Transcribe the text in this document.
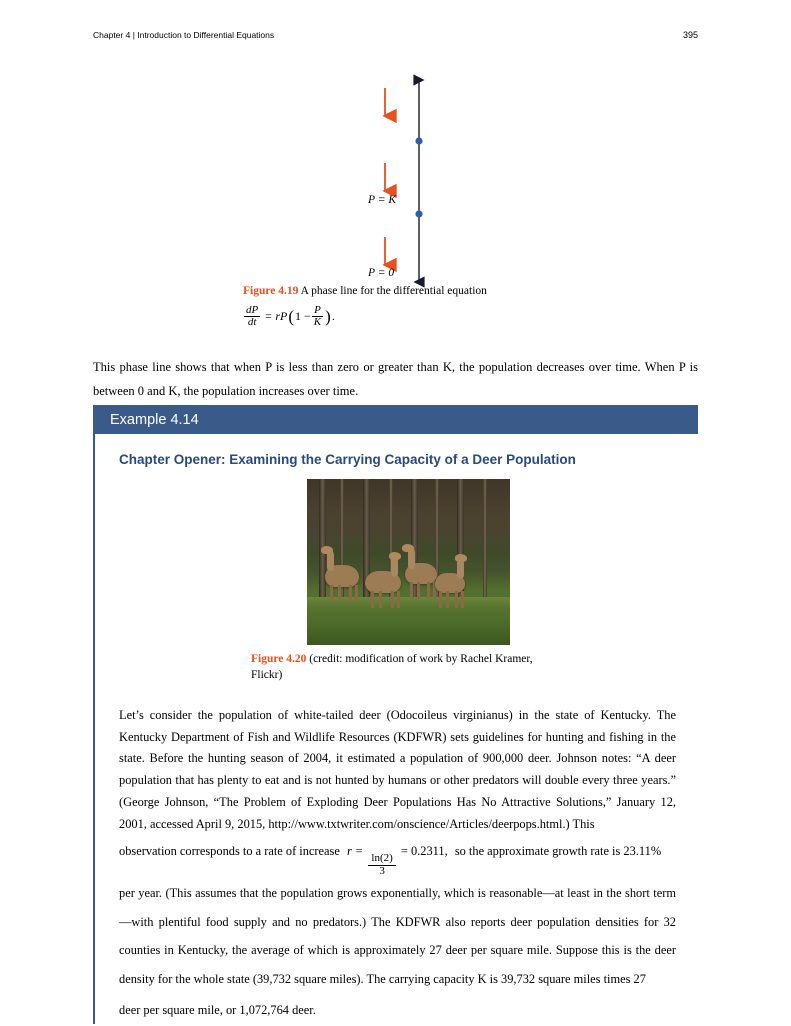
Chapter 4 | Introduction to Differential Equations	395
P = K
P = 0
Figure 4.19 A phase line for the differential equation
$\frac{dP}{dt}$ = rP ( $1 - \frac{P}{K}$ ) .
This phase line shows that when P is less than zero or greater than K, the population decreases over time. When P is between 0 and K, the population increases over time.
Example 4.14
Chapter Opener: Examining the Carrying Capacity of a Deer Population
Figure 4.20 (credit: modification of work by Rachel Kramer, Flickr)

Let’s consider the population of white-tailed deer (Odocoileus virginianus) in the state of Kentucky. The Kentucky Department of Fish and Wildlife Resources (KDFWR) sets guidelines for hunting and fishing in the state. Before the hunting season of 2004, it estimated a population of 900,000 deer. Johnson notes: “A deer population that has plenty to eat and is not hunted by humans or other predators will double every three years.” (George Johnson, “The Problem of Exploding Deer Populations Has No Attractive Solutions,” January 12, 2001, accessed April 9, 2015, http://www.txtwriter.com/onscience/Articles/deerpops.html.) This

observation corresponds to a rate of increase r =
$\frac{\ln(2)}{3}$
= 0.2311, so the approximate growth rate is 23.11%

per year. (This assumes that the population grows exponentially, which is reasonable—at least in the short term—with plentiful food supply and no predators.) The KDFWR also reports deer population densities for 32 counties in Kentucky, the average of which is approximately 27 deer per square mile. Suppose this is the deer density for the whole state (39,732 square miles). The carrying capacity K is 39,732 square miles times 27

deer per square mile, or 1,072,764 deer.
